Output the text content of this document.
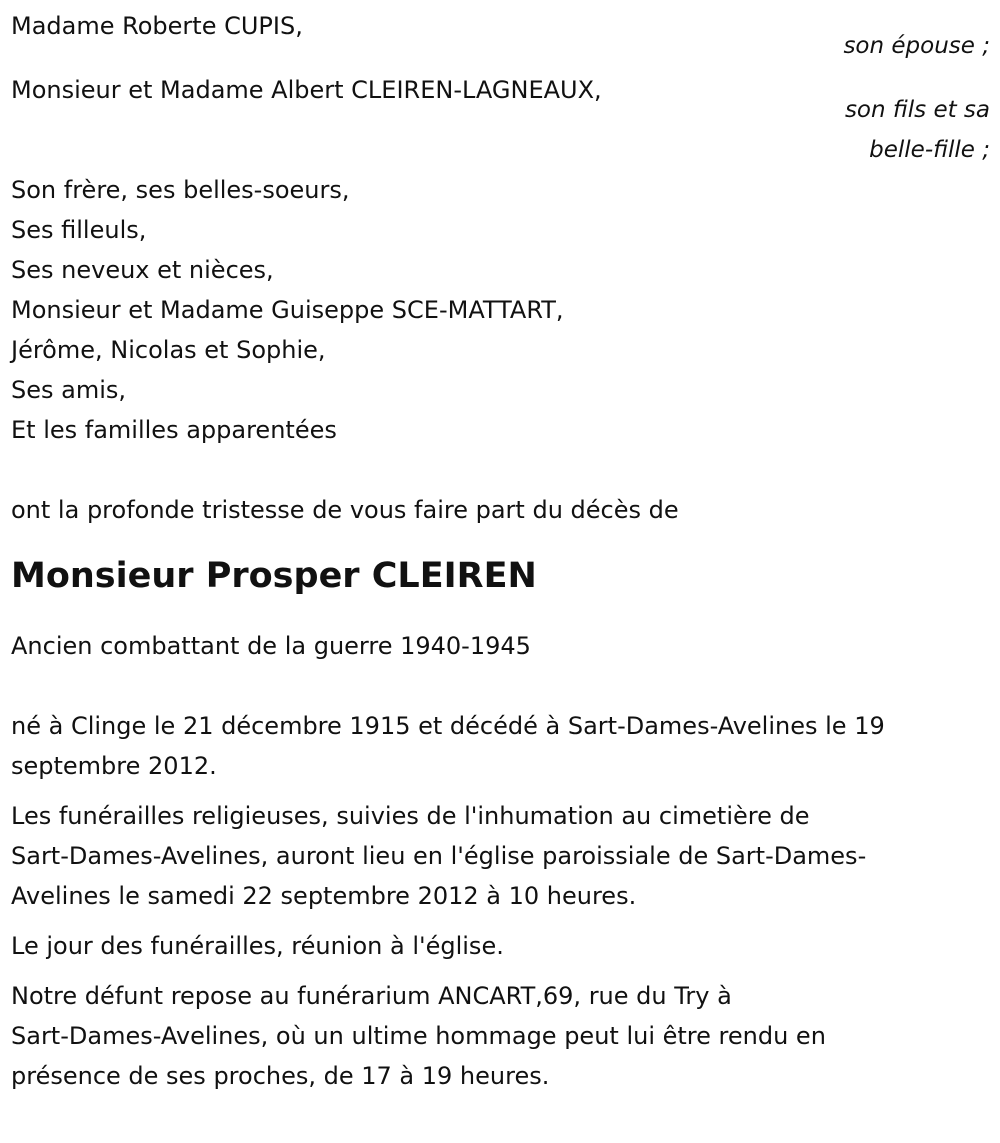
Madame Roberte CUPIS,
son épouse ;
Monsieur et Madame Albert CLEIREN-LAGNEAUX,
son fils et sa
belle-fille ;
Son frère, ses belles-soeurs,
Ses filleuls,
Ses neveux et nièces,
Monsieur et Madame Guiseppe SCE-MATTART,
Jérôme, Nicolas et Sophie,
Ses amis,
Et les familles apparentées
ont la profonde tristesse de vous faire part du décès de
Monsieur Prosper CLEIREN
Ancien combattant de la guerre 1940-1945
né à Clinge le 21 décembre 1915 et décédé à Sart-Dames-Avelines le 19
septembre 2012.
Les funérailles religieuses, suivies de l'inhumation au cimetière de
Sart-Dames-Avelines, auront lieu en l'église paroissiale de Sart-Dames-
Avelines le samedi 22 septembre 2012 à 10 heures.
Le jour des funérailles, réunion à l'église.
Notre défunt repose au funérarium ANCART,69, rue du Try à
Sart-Dames-Avelines, où un ultime hommage peut lui être rendu en
présence de ses proches, de 17 à 19 heures.
